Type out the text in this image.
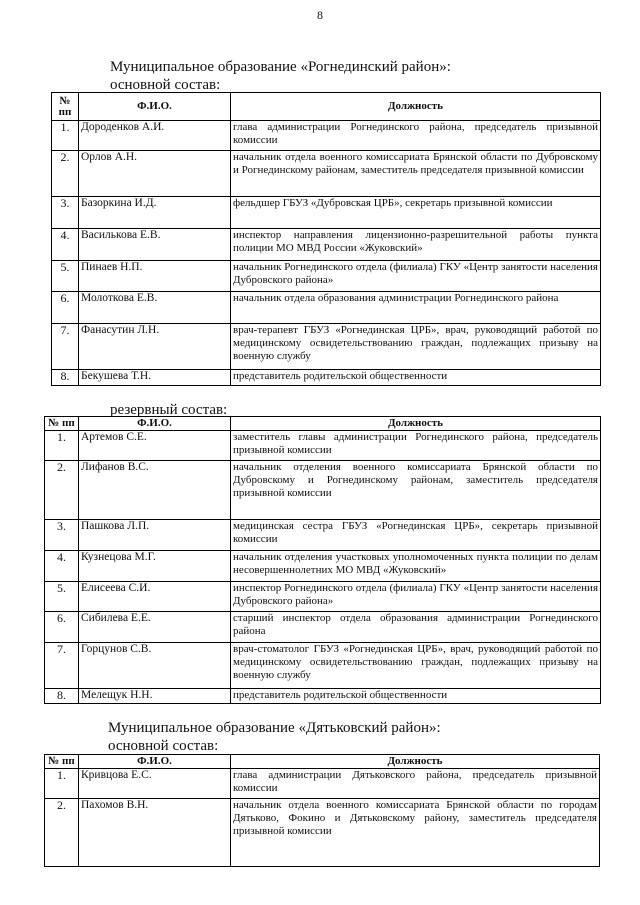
8
Муниципальное образование «Рогнединский район»:
основной состав:
№ пп	Ф.И.О.	Должность
1.	Дороденков А.И.	глава администрации Рогнединского района, председатель призывной комиссии
2.	Орлов А.Н.	начальник отдела военного комиссариата Брянской области по Дубровскому и Рогнединскому районам, заместитель председателя призывной комиссии
3.	Базоркина И.Д.	фельдшер ГБУЗ «Дубровская ЦРБ», секретарь призывной комиссии
4.	Василькова Е.В.	инспектор направления лицензионно-разрешительной работы пункта полиции МО МВД России «Жуковский»
5.	Пинаев Н.П.	начальник Рогнединского отдела (филиала) ГКУ «Центр занятости населения Дубровского района»
6.	Молоткова Е.В.	начальник отдела образования администрации Рогнединского района
7.	Фанасутин Л.Н.	врач-терапевт ГБУЗ «Рогнединская ЦРБ», врач, руководящий работой по медицинскому освидетельствованию граждан, подлежащих призыву на военную службу
8.	Бекушева Т.Н.	представитель родительской общественности
резервный состав:
№ пп	Ф.И.О.	Должность
1.	Артемов С.Е.	заместитель главы администрации Рогнединского района, председатель призывной комиссии
2.	Лифанов В.С.	начальник отделения военного комиссариата Брянской области по Дубровскому и Рогнединскому районам, заместитель председателя призывной комиссии
3.	Пашкова Л.П.	медицинская сестра ГБУЗ «Рогнединская ЦРБ», секретарь призывной комиссии
4.	Кузнецова М.Г.	начальник отделения участковых уполномоченных пункта полиции по делам несовершеннолетних МО МВД «Жуковский»
5.	Елисеева С.И.	инспектор Рогнединского отдела (филиала) ГКУ «Центр занятости населения Дубровского района»
6.	Сибилева Е.Е.	старший инспектор отдела образования администрации Рогнединского района
7.	Горцунов С.В.	врач-стоматолог ГБУЗ «Рогнединская ЦРБ», врач, руководящий работой по медицинскому освидетельствованию граждан, подлежащих призыву на военную службу
8.	Мелещук Н.Н.	представитель родительской общественности
Муниципальное образование «Дятьковский район»:
основной состав:
№ пп	Ф.И.О.	Должность
1.	Кривцова Е.С.	глава администрации Дятьковского района, председатель призывной комиссии
2.	Пахомов В.Н.	начальник отдела военного комиссариата Брянской области по городам Дятьково, Фокино и Дятьковскому району, заместитель председателя призывной комиссии
